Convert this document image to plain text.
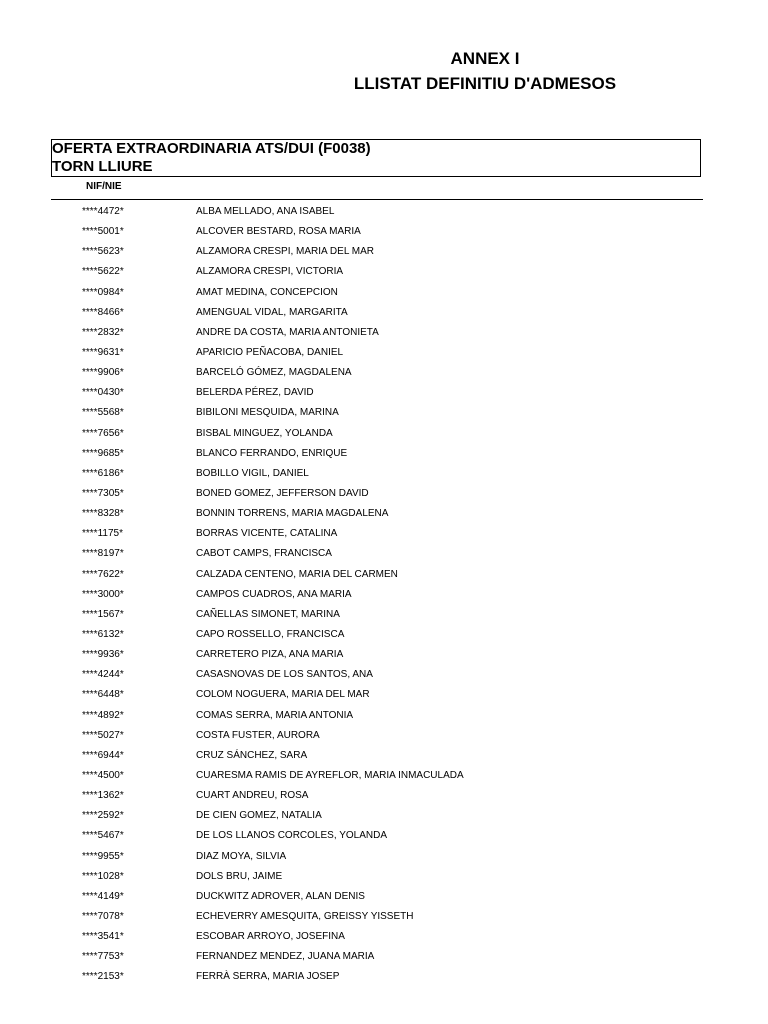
ANNEX I
LLISTAT DEFINITIU D'ADMESOS
OFERTA EXTRAORDINARIA ATS/DUI (F0038)
TORN LLIURE
NIF/NIE
****4472*	ALBA MELLADO, ANA ISABEL
****5001*	ALCOVER BESTARD, ROSA MARIA
****5623*	ALZAMORA CRESPI, MARIA DEL MAR
****5622*	ALZAMORA CRESPI, VICTORIA
****0984*	AMAT MEDINA, CONCEPCION
****8466*	AMENGUAL VIDAL, MARGARITA
****2832*	ANDRE DA COSTA, MARIA ANTONIETA
****9631*	APARICIO PEÑACOBA, DANIEL
****9906*	BARCELÓ GÓMEZ, MAGDALENA
****0430*	BELERDA PÉREZ, DAVID
****5568*	BIBILONI MESQUIDA, MARINA
****7656*	BISBAL MINGUEZ, YOLANDA
****9685*	BLANCO FERRANDO, ENRIQUE
****6186*	BOBILLO VIGIL, DANIEL
****7305*	BONED GOMEZ, JEFFERSON DAVID
****8328*	BONNIN TORRENS, MARIA MAGDALENA
****1175*	BORRAS VICENTE, CATALINA
****8197*	CABOT CAMPS, FRANCISCA
****7622*	CALZADA CENTENO, MARIA DEL CARMEN
****3000*	CAMPOS CUADROS, ANA MARIA
****1567*	CAÑELLAS SIMONET, MARINA
****6132*	CAPO ROSSELLO, FRANCISCA
****9936*	CARRETERO PIZA, ANA MARIA
****4244*	CASASNOVAS DE LOS SANTOS, ANA
****6448*	COLOM NOGUERA, MARIA DEL MAR
****4892*	COMAS SERRA, MARIA ANTONIA
****5027*	COSTA FUSTER, AURORA
****6944*	CRUZ SÁNCHEZ, SARA
****4500*	CUARESMA RAMIS DE AYREFLOR, MARIA INMACULADA
****1362*	CUART ANDREU, ROSA
****2592*	DE CIEN GOMEZ, NATALIA
****5467*	DE LOS LLANOS CORCOLES, YOLANDA
****9955*	DIAZ MOYA, SILVIA
****1028*	DOLS BRU, JAIME
****4149*	DUCKWITZ ADROVER, ALAN DENIS
****7078*	ECHEVERRY AMESQUITA, GREISSY YISSETH
****3541*	ESCOBAR ARROYO, JOSEFINA
****7753*	FERNANDEZ MENDEZ, JUANA MARIA
****2153*	FERRÀ SERRA, MARIA JOSEP
